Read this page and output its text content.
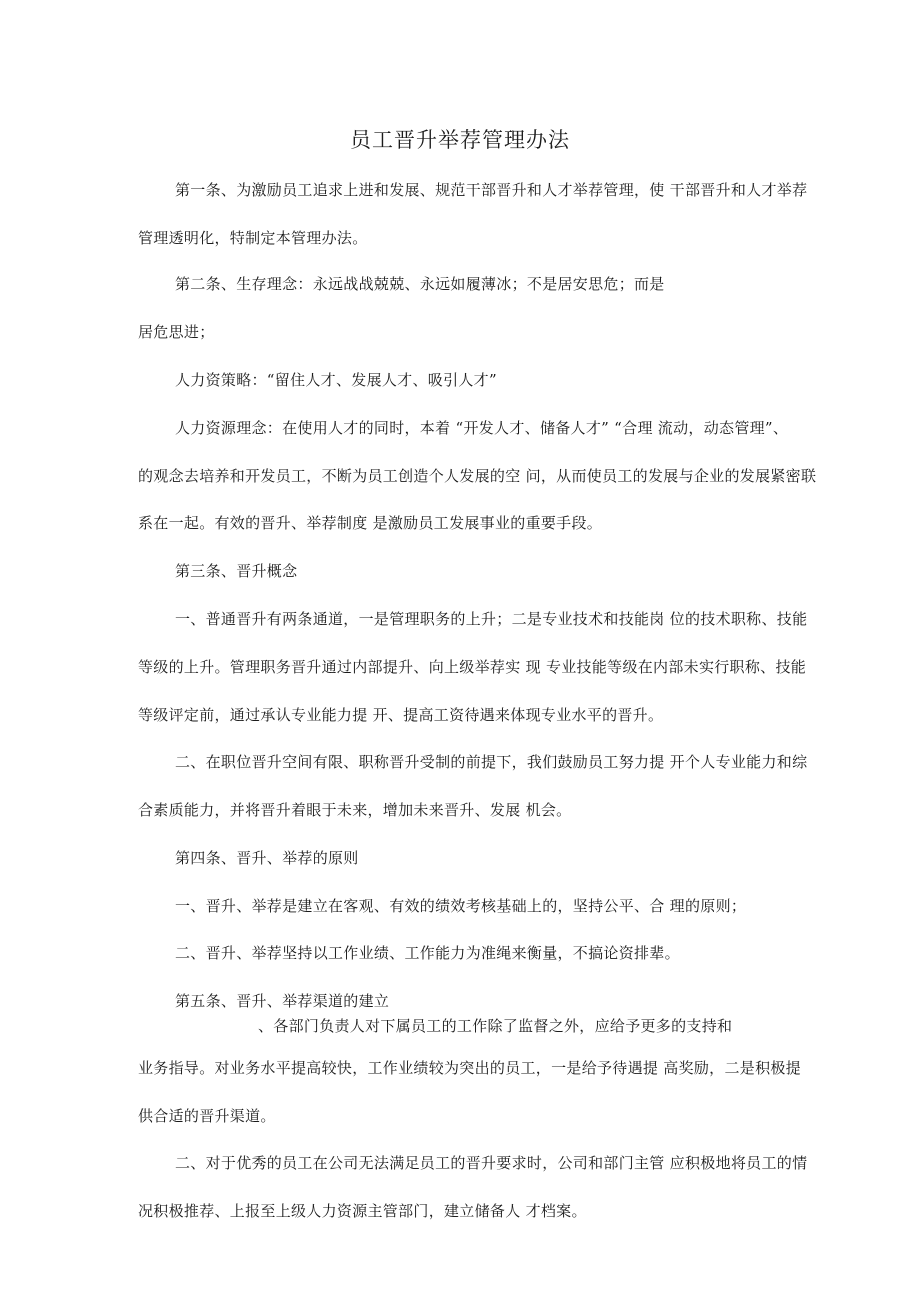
员工晋升举荐管理办法
第一条、为激励员工追求上进和发展、规范干部晋升和人才举荐管理，使 干部晋升和人才举荐
管理透明化，特制定本管理办法。
第二条、生存理念：永远战战兢兢、永远如履薄冰；不是居安思危；而是
居危思进；
人力资策略：“留住人才、发展人才、吸引人才”
人力资源理念：在使用人才的同时，本着 “开发人才、储备人才” “合理 流动，动态管理”、
的观念去培养和开发员工，不断为员工创造个人发展的空 问，从而使员工的发展与企业的发展紧密联
系在一起。有效的晋升、举荐制度 是激励员工发展事业的重要手段。
第三条、晋升概念
一、普通晋升有两条通道，一是管理职务的上升；二是专业技术和技能岗 位的技术职称、技能
等级的上升。管理职务晋升通过内部提升、向上级举荐实 现 专业技能等级在内部未实行职称、技能
等级评定前，通过承认专业能力提 开、提高工资待遇来体现专业水平的晋升。
二、在职位晋升空间有限、职称晋升受制的前提下，我们鼓励员工努力提 开个人专业能力和综
合素质能力，并将晋升着眼于未来，增加未来晋升、发展 机会。
第四条、晋升、举荐的原则
一、晋升、举荐是建立在客观、有效的绩效考核基础上的，坚持公平、合 理的原则；
二、晋升、举荐坚持以工作业绩、工作能力为准绳来衡量，不搞论资排辈。
第五条、晋升、举荐渠道的建立
、各部门负责人对下属员工的工作除了监督之外，应给予更多的支持和
业务指导。对业务水平提高较快，工作业绩较为突出的员工，一是给予待遇提 高奖励，二是积极提
供合适的晋升渠道。
二、对于优秀的员工在公司无法满足员工的晋升要求时，公司和部门主管 应积极地将员工的情
况积极推荐、上报至上级人力资源主管部门，建立储备人 才档案。
